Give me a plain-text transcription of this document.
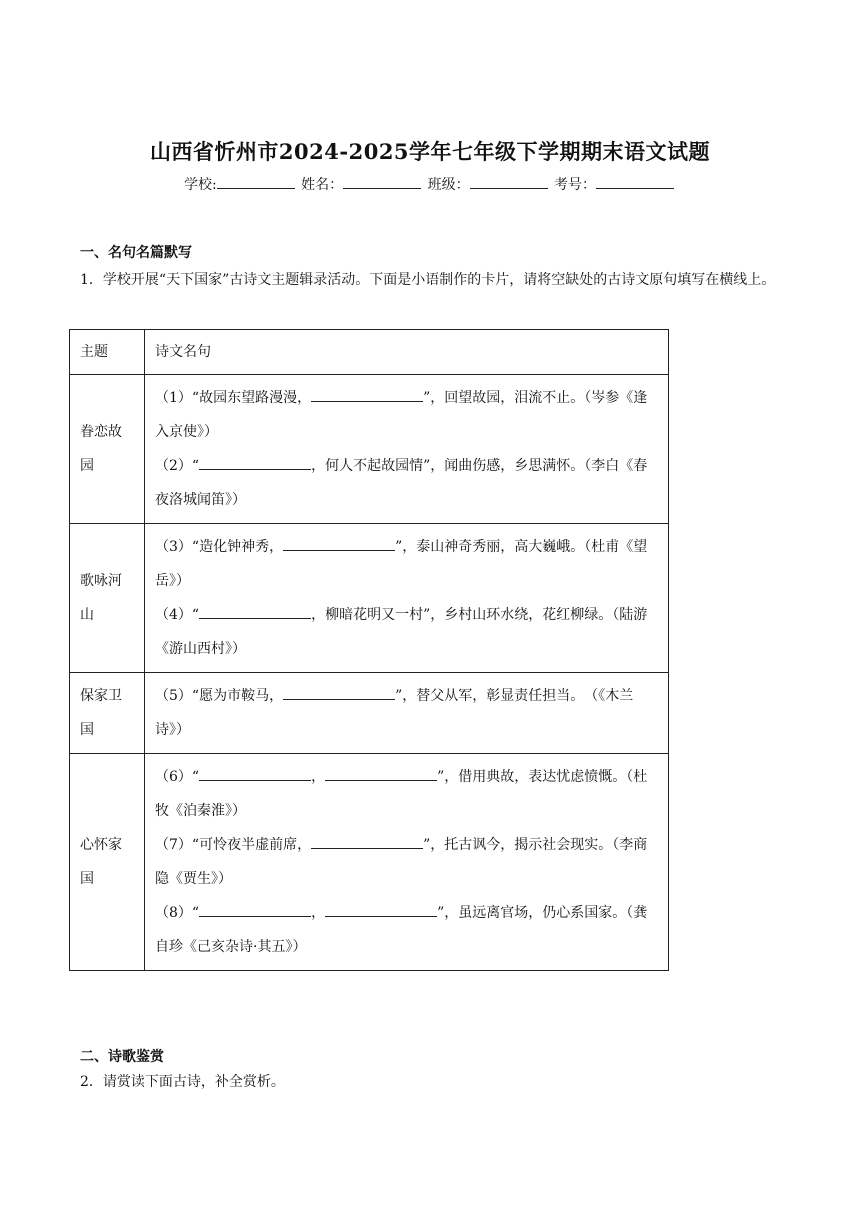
山西省忻州市2024-2025学年七年级下学期期末语文试题
学校:	姓名：	班级：	考号：
一、名句名篇默写
1．学校开展“天下国家”古诗文主题辑录活动。下面是小语制作的卡片，请将空缺处的古诗文原句填写在横线上。
主题	诗文名句
眷恋故园	（1）“故园东望路漫漫， ”，回望故园，泪流不止。（岑参《逢入京使》）
（2）“ ，何人不起故园情”，闻曲伤感，乡思满怀。（李白《春夜洛城闻笛》）

歌咏河山	（3）“造化钟神秀， ”，泰山神奇秀丽，高大巍峨。（杜甫《望岳》）
（4）“ ，柳暗花明又一村”，乡村山环水绕，花红柳绿。（陆游《游山西村》）

保家卫国	（5）“愿为市鞍马， ”，替父从军，彰显责任担当。　（《木兰诗》）

心怀家国	（6）“ ， ”，借用典故，表达忧虑愤慨。（杜牧《泊秦淮》）
（7）“可怜夜半虚前席， ”，托古讽今，揭示社会现实。（李商隐《贾生》）
（8）“ ， ”，虽远离官场，仍心系国家。（龚自珍《己亥杂诗·其五》）
二、诗歌鉴赏
2．请赏读下面古诗，补全赏析。
